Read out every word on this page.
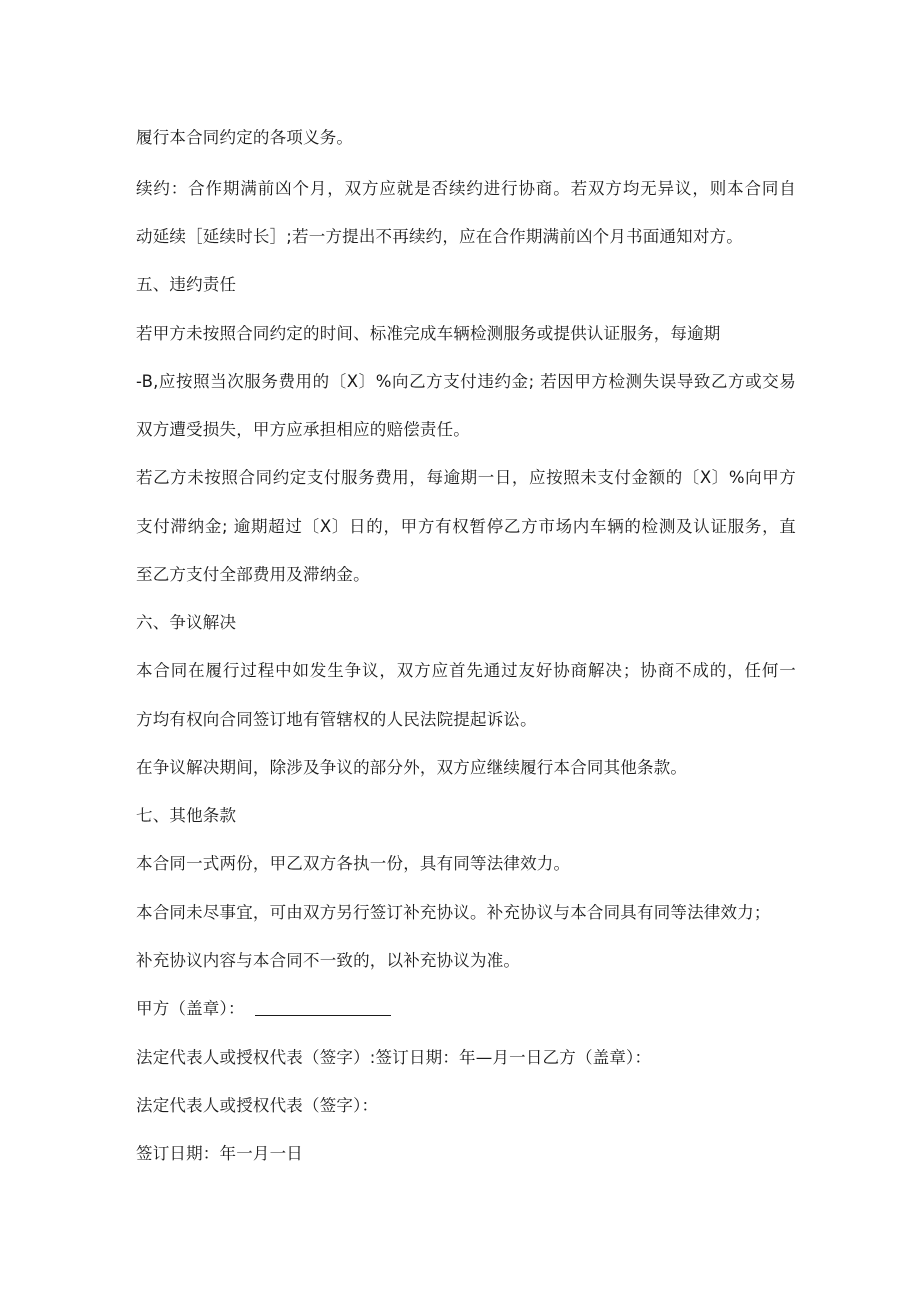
履行本合同约定的各项义务。
续约：合作期满前凶个月，双方应就是否续约进行协商。若双方均无异议，则本合同自
动延续［延续时长］;若一方提出不再续约，应在合作期满前凶个月书面通知对方。
五、违约责任
若甲方未按照合同约定的时间、标准完成车辆检测服务或提供认证服务，每逾期
-B,应按照当次服务费用的〔X〕%向乙方支付违约金; 若因甲方检测失误导致乙方或交易
双方遭受损失，甲方应承担相应的赔偿责任。
若乙方未按照合同约定支付服务费用，每逾期一日，应按照未支付金额的〔X〕%向甲方
支付滞纳金; 逾期超过〔X〕日的，甲方有权暂停乙方市场内车辆的检测及认证服务，直
至乙方支付全部费用及滞纳金。
六、争议解决
本合同在履行过程中如发生争议，双方应首先通过友好协商解决；协商不成的，任何一
方均有权向合同签订地有管辖权的人民法院提起诉讼。
在争议解决期间，除涉及争议的部分外，双方应继续履行本合同其他条款。
七、其他条款
本合同一式两份，甲乙双方各执一份，具有同等法律效力。
本合同未尽事宜，可由双方另行签订补充协议。补充协议与本合同具有同等法律效力；
补充协议内容与本合同不一致的，以补充协议为准。
甲方（盖章）：
法定代表人或授权代表（签字）:签订日期：年—月一日乙方（盖章）：
法定代表人或授权代表（签字）：
签订日期：年一月一日
